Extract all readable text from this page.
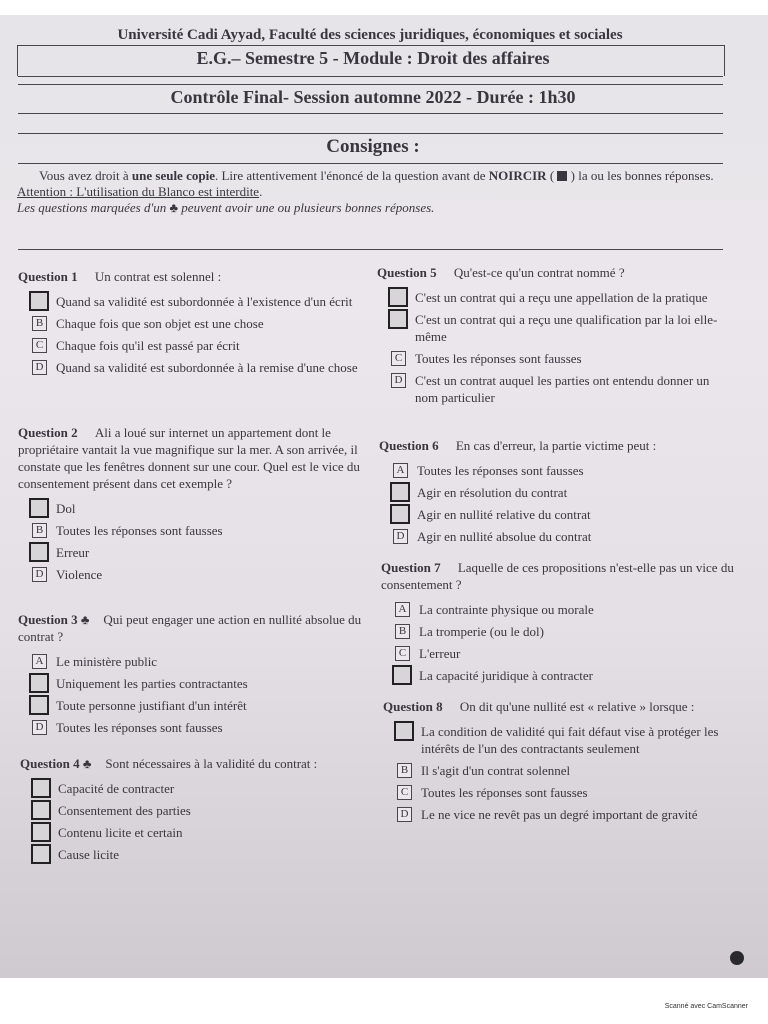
Université Cadi Ayyad, Faculté des sciences juridiques, économiques et sociales
E.G.– Semestre 5 - Module : Droit des affaires
Contrôle Final- Session automne 2022 - Durée : 1h30
Consignes :

Vous avez droit à une seule copie. Lire attentivement l'énoncé de la question avant de NOIRCIR (  ) la ou les bonnes réponses.

Attention : L'utilisation du Blanco est interdite.

Les questions marquées d'un ♣ peuvent avoir une ou plusieurs bonnes réponses.

Question 1 Un contrat est solennel :
Quand sa validité est subordonnée à l'existence d'un écrit
B Chaque fois que son objet est une chose
C Chaque fois qu'il est passé par écrit
D Quand sa validité est subordonnée à la remise d'une chose
Question 2 Ali a loué sur internet un appartement dont le propriétaire vantait la vue magnifique sur la mer. A son arrivée, il constate que les fenêtres donnent sur une cour. Quel est le vice du consentement présent dans cet exemple ?
Dol
B Toutes les réponses sont fausses
Erreur
D Violence
Question 3 ♣ Qui peut engager une action en nullité absolue du contrat ?
A Le ministère public
Uniquement les parties contractantes
Toute personne justifiant d'un intérêt
D Toutes les réponses sont fausses
Question 4 ♣ Sont nécessaires à la validité du contrat :
Capacité de contracter
Consentement des parties
Contenu licite et certain
Cause licite
Question 5 Qu'est-ce qu'un contrat nommé ?
C'est un contrat qui a reçu une appellation de la pratique
C'est un contrat qui a reçu une qualification par la loi elle-même
C Toutes les réponses sont fausses
D C'est un contrat auquel les parties ont entendu donner un nom particulier
Question 6 En cas d'erreur, la partie victime peut :
A Toutes les réponses sont fausses
Agir en résolution du contrat
Agir en nullité relative du contrat
D Agir en nullité absolue du contrat
Question 7 Laquelle de ces propositions n'est-elle pas un vice du consentement ?
A La contrainte physique ou morale
B La tromperie (ou le dol)
C L'erreur
La capacité juridique à contracter
Question 8 On dit qu'une nullité est « relative » lorsque :
La condition de validité qui fait défaut vise à protéger les intérêts de l'un des contractants seulement
B Il s'agit d'un contrat solennel
C Toutes les réponses sont fausses
D Le ne vice ne revêt pas un degré important de gravité
Scanné avec CamScanner
